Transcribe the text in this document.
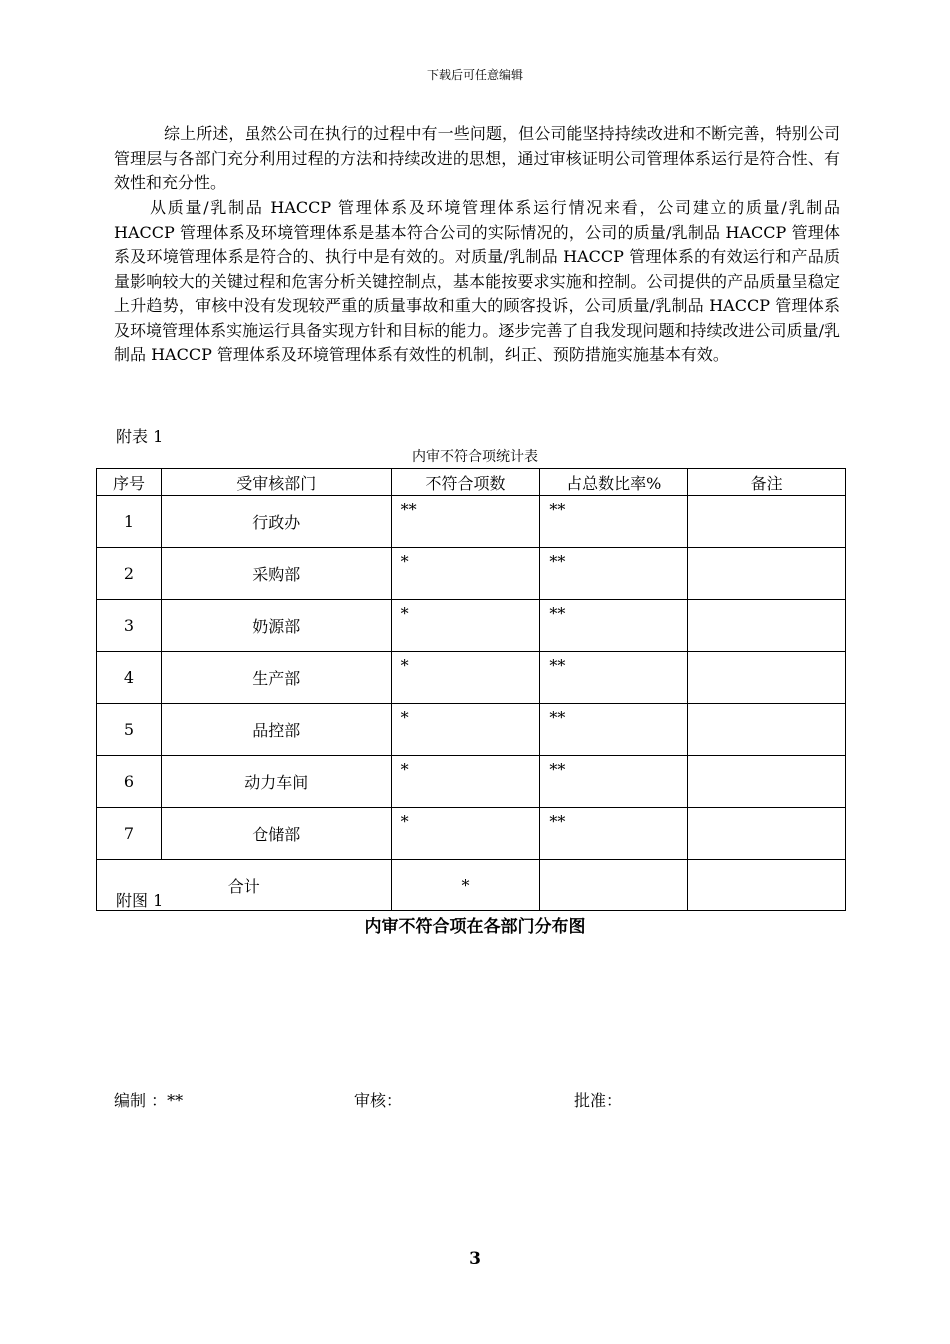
下载后可任意编辑

综上所述，虽然公司在执行的过程中有一些问题，但公司能坚持持续改进和不断完善，特别公司管理层与各部门充分利用过程的方法和持续改进的思想，通过审核证明公司管理体系运行是符合性、有效性和充分性。

从质量/乳制品 HACCP 管理体系及环境管理体系运行情况来看，公司建立的质量/乳制品 HACCP 管理体系及环境管理体系是基本符合公司的实际情况的，公司的质量/乳制品 HACCP 管理体系及环境管理体系是符合的、执行中是有效的。对质量/乳制品 HACCP 管理体系的有效运行和产品质量影响较大的关键过程和危害分析关键控制点，基本能按要求实施和控制。公司提供的产品质量呈稳定上升趋势，审核中没有发现较严重的质量事故和重大的顾客投诉，公司质量/乳制品 HACCP 管理体系及环境管理体系实施运行具备实现方针和目标的能力。逐步完善了自我发现问题和持续改进公司质量/乳制品 HACCP 管理体系及环境管理体系有效性的机制，纠正、预防措施实施基本有效。

附表 1
内审不符合项统计表
序号	受审核部门	不符合项数	占总数比率%	备注
1	行政办	**	**	
2	采购部	*	**	
3	奶源部	*	**	
4	生产部	*	**	
5	品控部	*	**	
6	动力车间	*	**	
7	仓储部	*	**	
合计		*		
附图 1
内审不符合项在各部门分布图
编制 ：**	审核：	批准：
3
